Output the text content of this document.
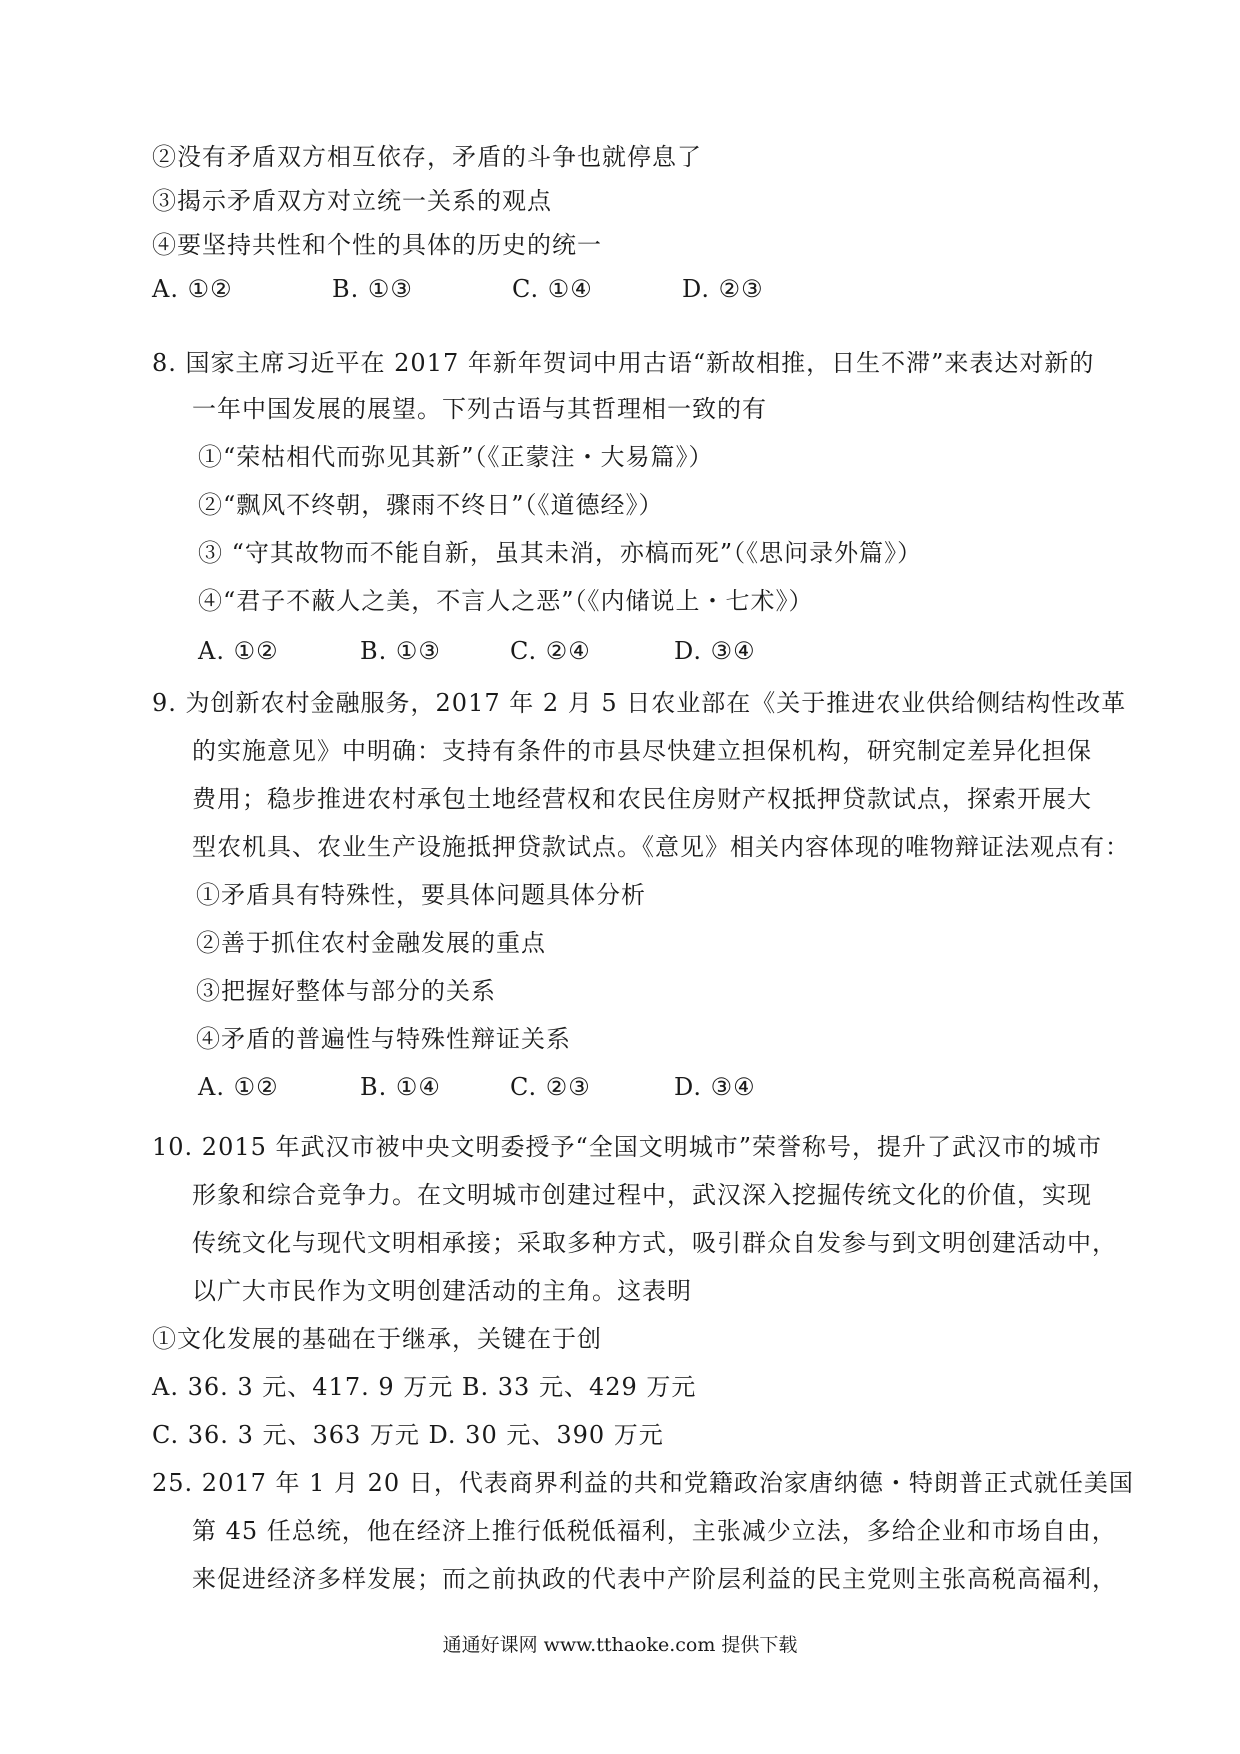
②没有矛盾双方相互依存，矛盾的斗争也就停息了
③揭示矛盾双方对立统一关系的观点
④要坚持共性和个性的具体的历史的统一
A. ①②	B. ①③	C. ①④	D. ②③
8. 国家主席习近平在 2017 年新年贺词中用古语“新故相推，日生不滞”来表达对新的
一年中国发展的展望。下列古语与其哲理相一致的有
①“荣枯相代而弥见其新”（《正蒙注・大易篇》）
②“飘风不终朝，骤雨不终日”（《道德经》）
③ “守其故物而不能自新，虽其未消，亦槁而死”（《思问录外篇》）
④“君子不蔽人之美，不言人之恶”（《内储说上・七术》）
A. ①②	B. ①③	C. ②④	D. ③④
9. 为创新农村金融服务，2017 年 2 月 5 日农业部在《关于推进农业供给侧结构性改革
的实施意见》中明确：支持有条件的市县尽快建立担保机构，研究制定差异化担保
费用；稳步推进农村承包土地经营权和农民住房财产权抵押贷款试点，探索开展大
型农机具、农业生产设施抵押贷款试点。《意见》相关内容体现的唯物辩证法观点有：
①矛盾具有特殊性，要具体问题具体分析
②善于抓住农村金融发展的重点
③把握好整体与部分的关系
④矛盾的普遍性与特殊性辩证关系
A. ①②	B. ①④	C. ②③	D. ③④
10. 2015 年武汉市被中央文明委授予“全国文明城市”荣誉称号，提升了武汉市的城市
形象和综合竞争力。在文明城市创建过程中，武汉深入挖掘传统文化的价值，实现
传统文化与现代文明相承接；采取多种方式，吸引群众自发参与到文明创建活动中，
以广大市民作为文明创建活动的主角。这表明
①文化发展的基础在于继承，关键在于创
A. 36. 3 元、417. 9 万元 B. 33 元、429 万元
C. 36. 3 元、363 万元 D. 30 元、390 万元
25. 2017 年 1 月 20 日，代表商界利益的共和党籍政治家唐纳德・特朗普正式就任美国
第 45 任总统，他在经济上推行低税低福利，主张减少立法，多给企业和市场自由，
来促进经济多样发展；而之前执政的代表中产阶层利益的民主党则主张高税高福利，
通通好课网 www.tthaoke.com 提供下载
